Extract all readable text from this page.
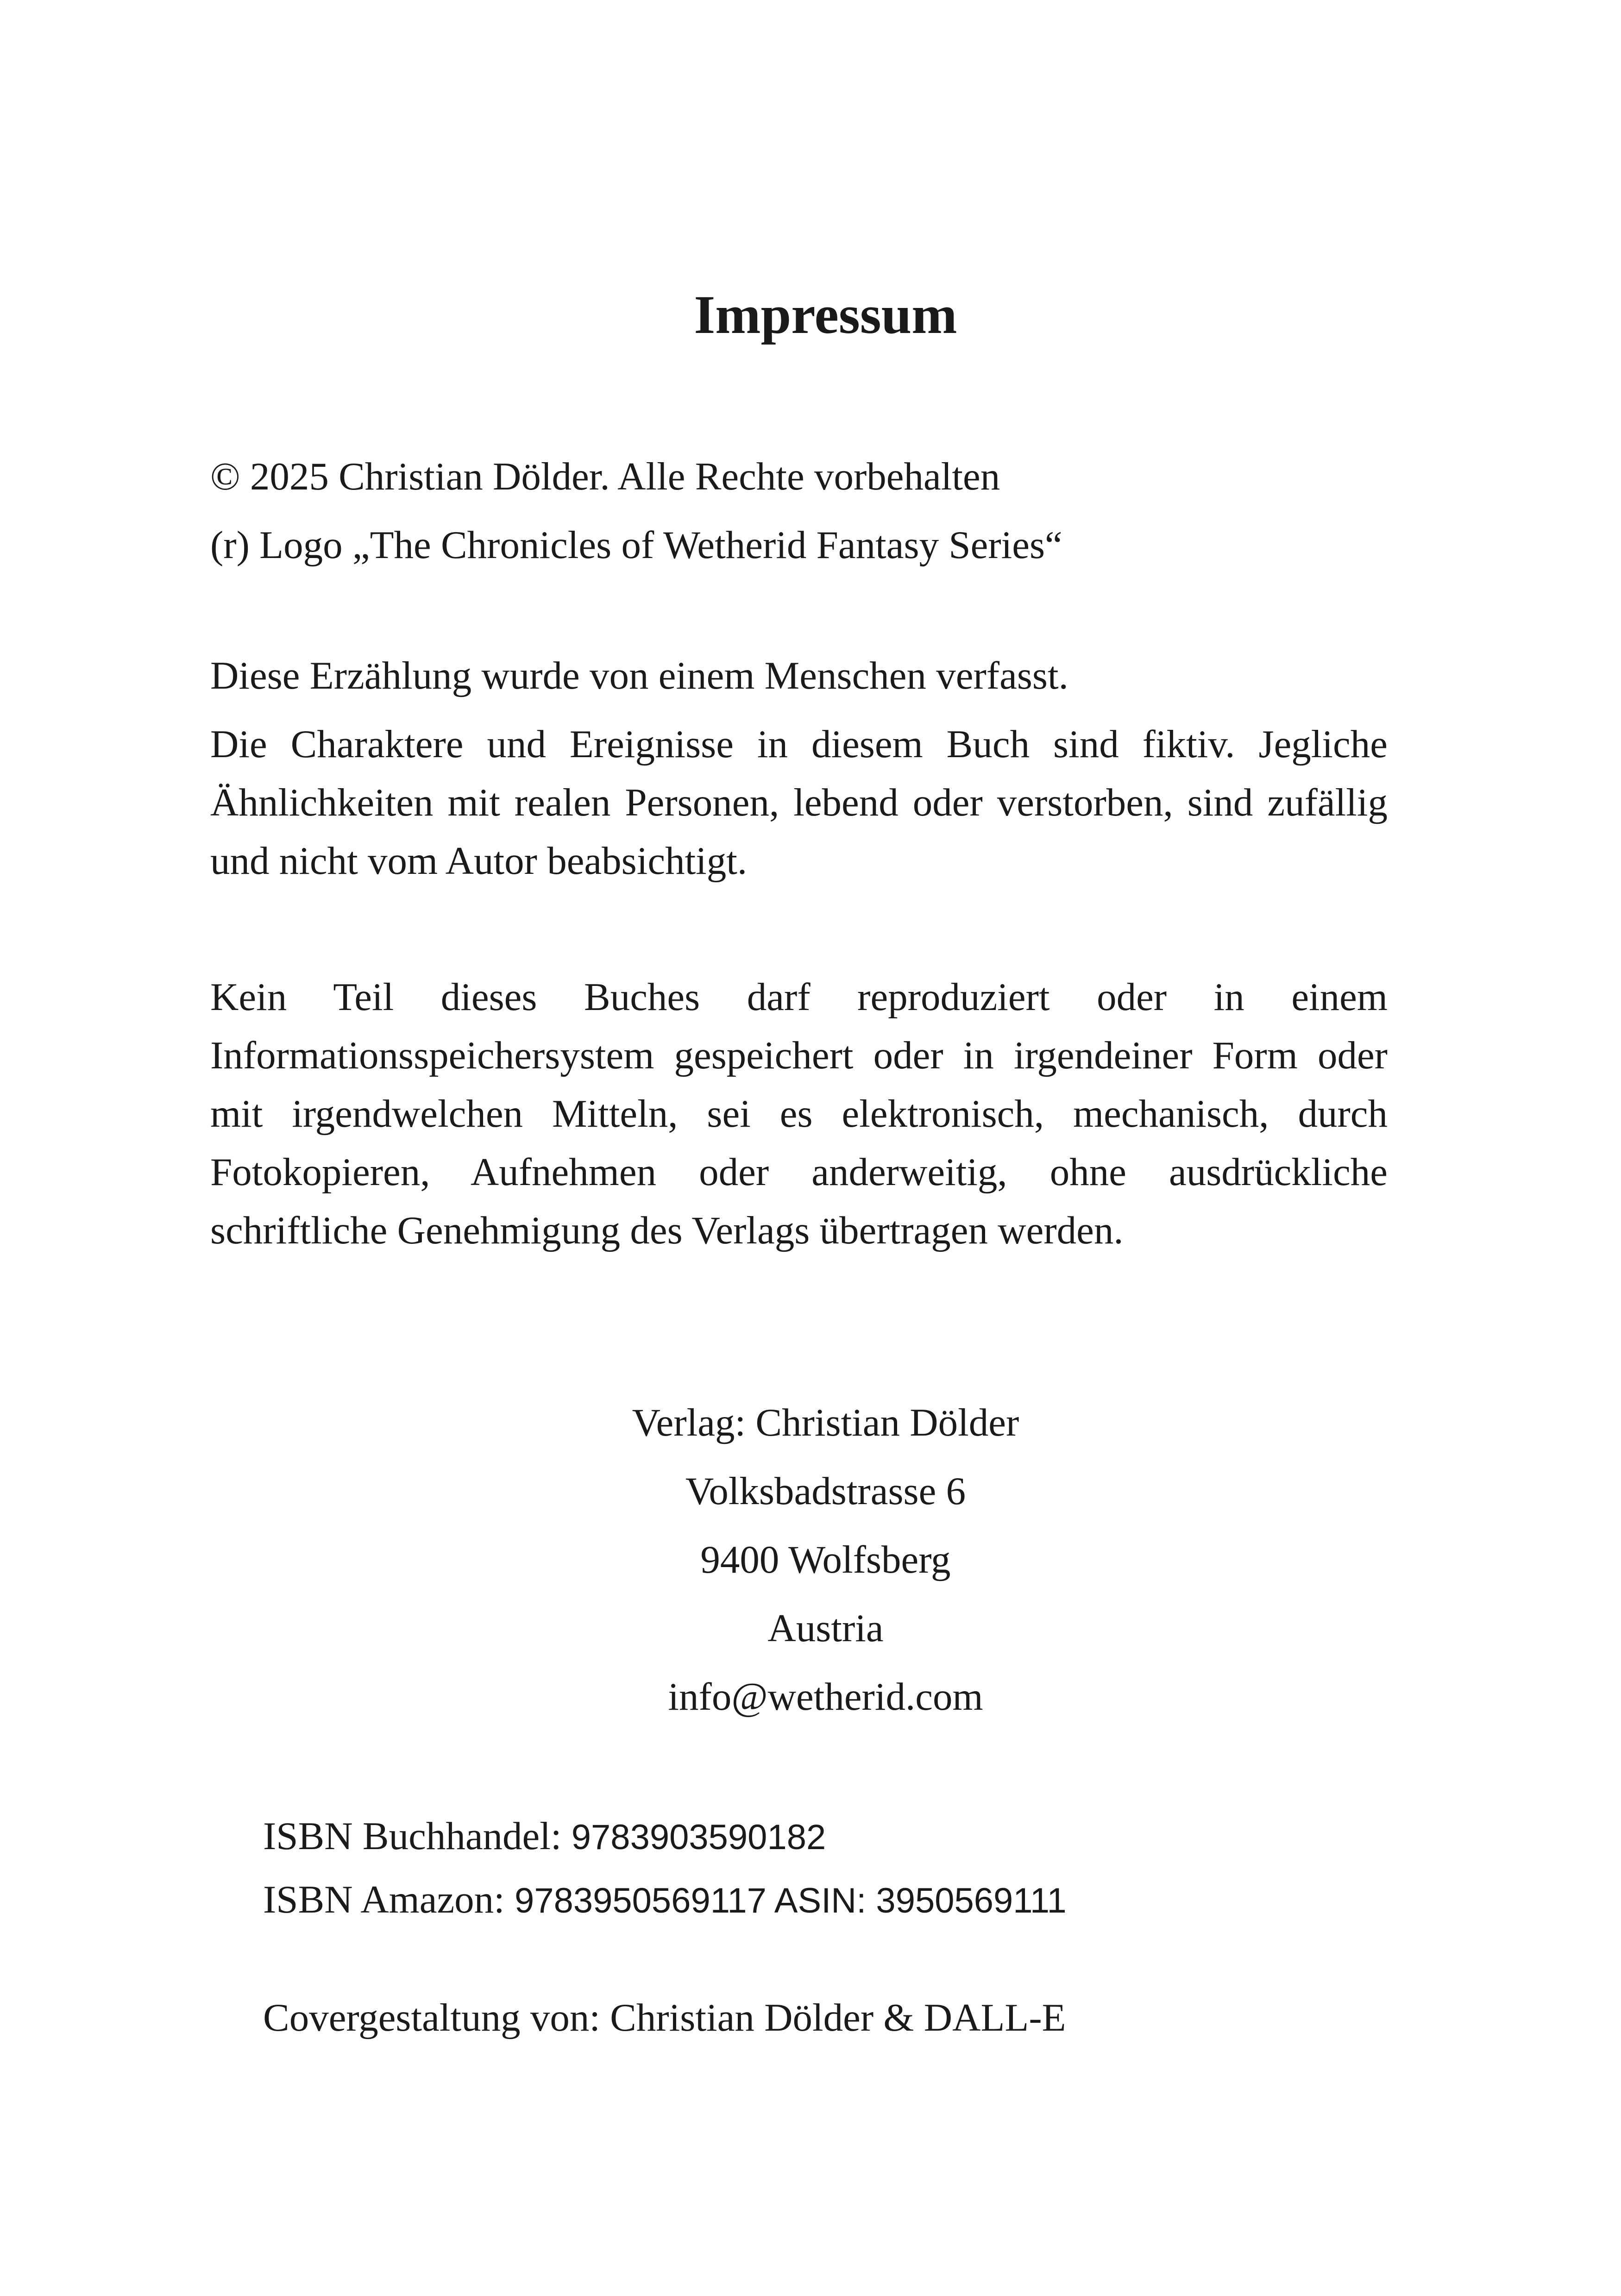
Impressum
© 2025 Christian Dölder. Alle Rechte vorbehalten
(r) Logo „The Chronicles of Wetherid Fantasy Series“

Diese Erzählung wurde von einem Menschen verfasst.

Die Charaktere und Ereignisse in diesem Buch sind fiktiv. Jegliche Ähnlichkeiten mit realen Personen, lebend oder verstorben, sind zufällig und nicht vom Autor beabsichtigt.

Kein Teil dieses Buches darf reproduziert oder in einem Informationsspeichersystem gespeichert oder in irgendeiner Form oder mit irgendwelchen Mitteln, sei es elektronisch, mechanisch, durch Fotokopieren, Aufnehmen oder anderweitig, ohne ausdrückliche schriftliche Genehmigung des Verlags übertragen werden.

Verlag: Christian Dölder
Volksbadstrasse 6
9400 Wolfsberg
Austria
info@wetherid.com
ISBN Buchhandel: 9783903590182
ISBN Amazon: 9783950569117 ASIN: 3950569111
Covergestaltung von: Christian Dölder & DALL-E
